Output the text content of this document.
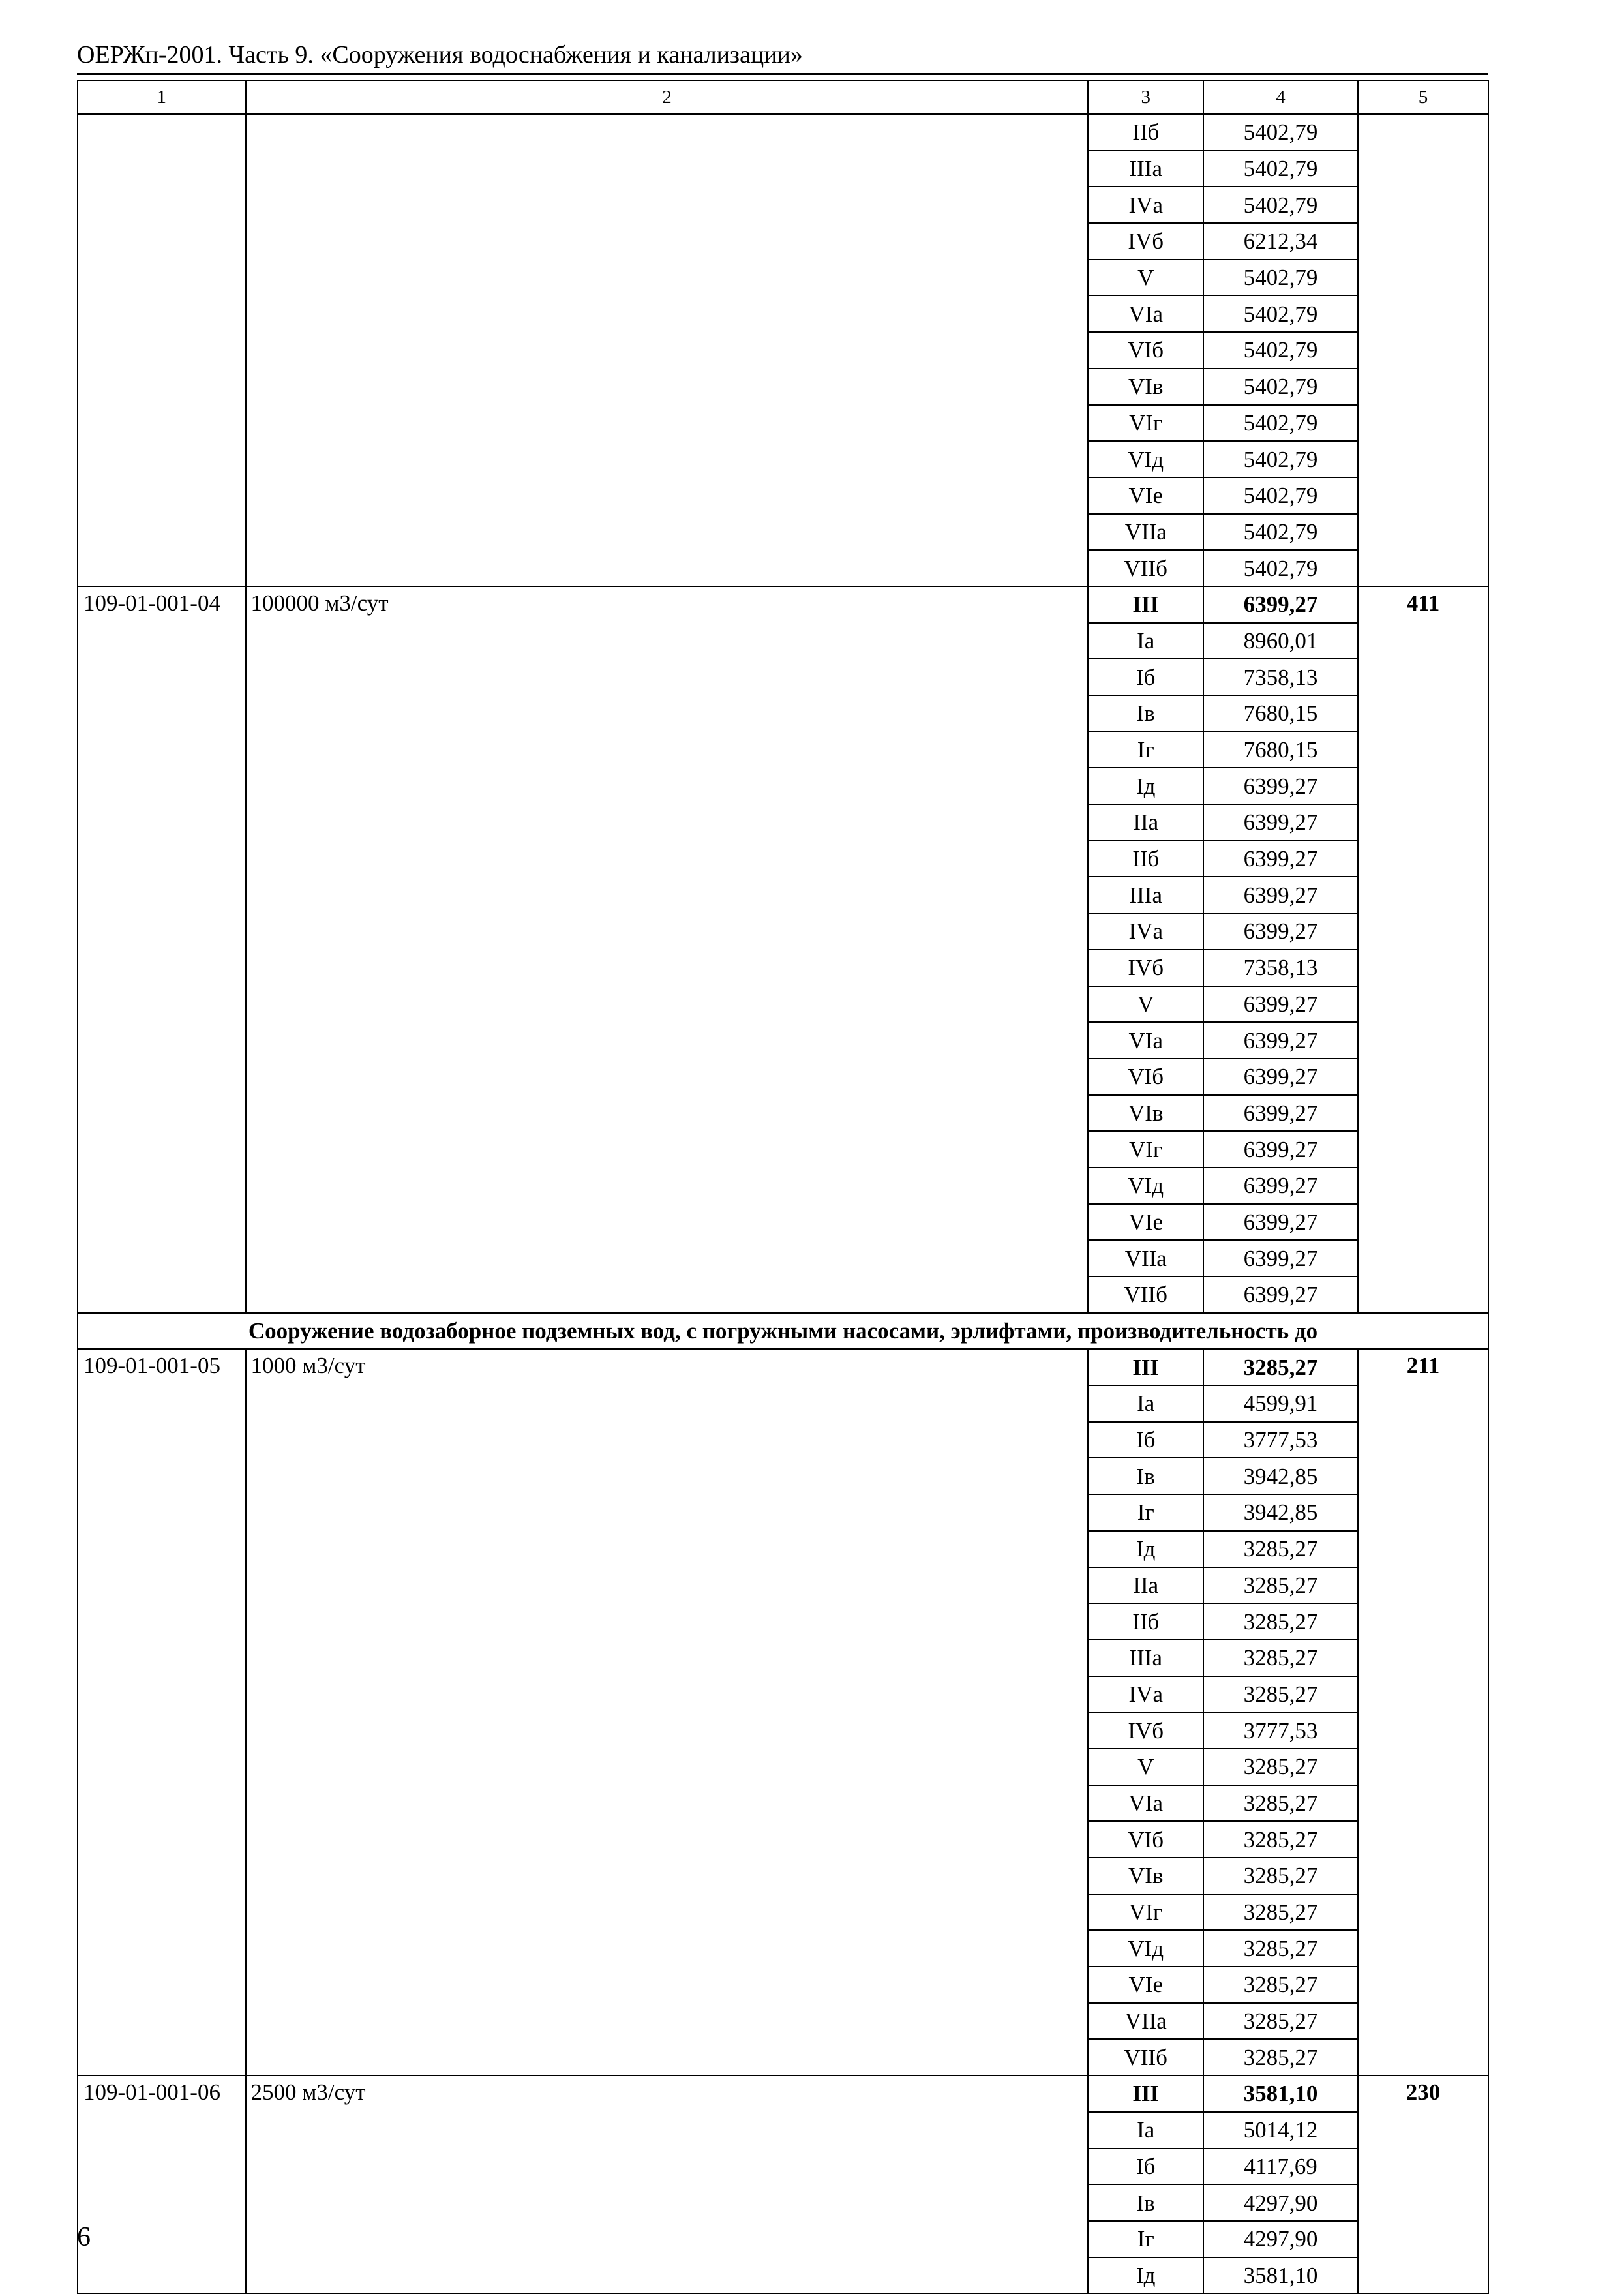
ОЕРЖп-2001. Часть 9. «Сооружения водоснабжения и канализации»
1	2	3	4	5
		IIб	5402,79	
		IIIа	5402,79	
		IVа	5402,79	
		IVб	6212,34	
		V	5402,79	
		VIа	5402,79	
		VIб	5402,79	
		VIв	5402,79	
		VIг	5402,79	
		VIд	5402,79	
		VIе	5402,79	
		VIIа	5402,79	
		VIIб	5402,79	
109-01-001-04	100000 м3/сут	III	6399,27	411
		Iа	8960,01	
		Iб	7358,13	
		Iв	7680,15	
		Iг	7680,15	
		Iд	6399,27	
		IIа	6399,27	
		IIб	6399,27	
		IIIа	6399,27	
		IVа	6399,27	
		IVб	7358,13	
		V	6399,27	
		VIа	6399,27	
		VIб	6399,27	
		VIв	6399,27	
		VIг	6399,27	
		VIд	6399,27	
		VIе	6399,27	
		VIIа	6399,27	
		VIIб	6399,27	
Сооружение водозаборное подземных вод, с погружными насосами, эрлифтами, производительность до				
109-01-001-05	1000 м3/сут	III	3285,27	211
		Iа	4599,91	
		Iб	3777,53	
		Iв	3942,85	
		Iг	3942,85	
		Iд	3285,27	
		IIа	3285,27	
		IIб	3285,27	
		IIIа	3285,27	
		IVа	3285,27	
		IVб	3777,53	
		V	3285,27	
		VIа	3285,27	
		VIб	3285,27	
		VIв	3285,27	
		VIг	3285,27	
		VIд	3285,27	
		VIе	3285,27	
		VIIа	3285,27	
		VIIб	3285,27	
109-01-001-06	2500 м3/сут	III	3581,10	230
		Iа	5014,12	
		Iб	4117,69	
		Iв	4297,90	
		Iг	4297,90	
		Iд	3581,10	
6
